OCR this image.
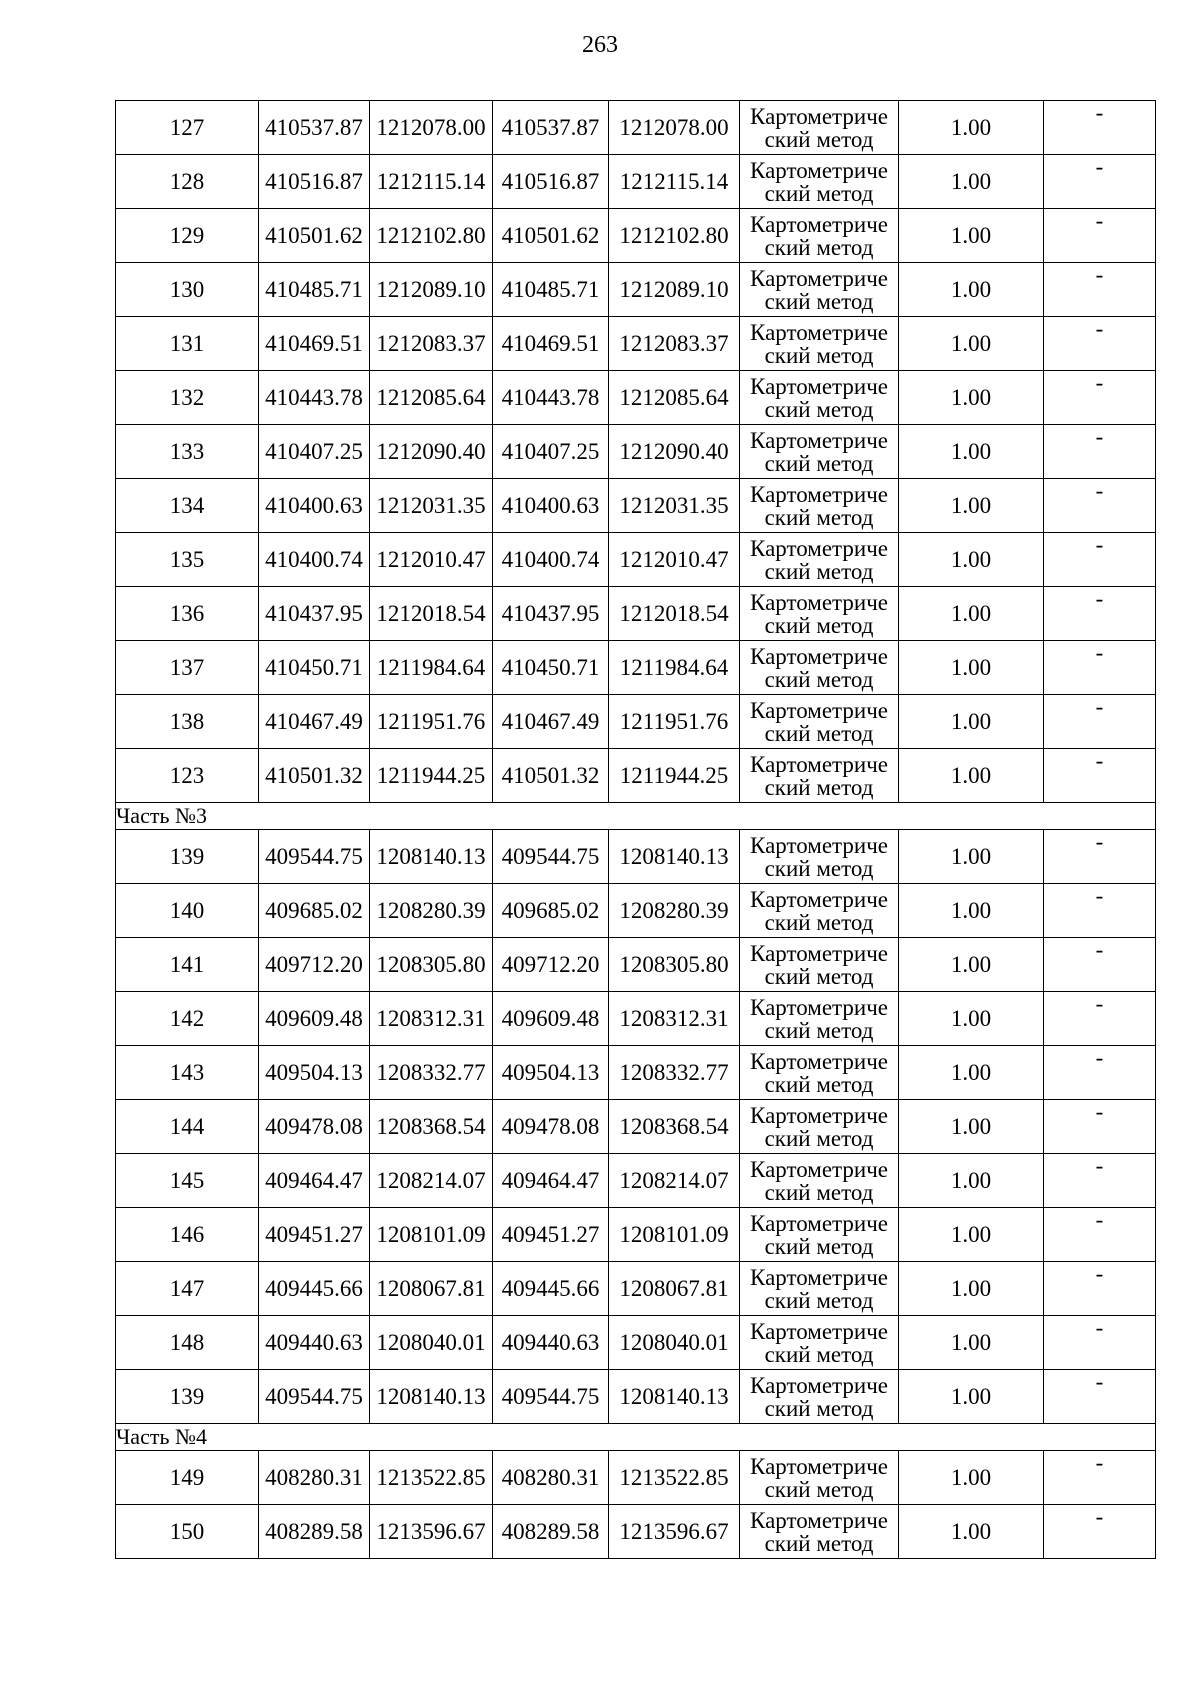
263
127	410537.87	1212078.00	410537.87	1212078.00	Картометриче
ский метод	1.00	-
128	410516.87	1212115.14	410516.87	1212115.14	Картометриче
ский метод	1.00	-
129	410501.62	1212102.80	410501.62	1212102.80	Картометриче
ский метод	1.00	-
130	410485.71	1212089.10	410485.71	1212089.10	Картометриче
ский метод	1.00	-
131	410469.51	1212083.37	410469.51	1212083.37	Картометриче
ский метод	1.00	-
132	410443.78	1212085.64	410443.78	1212085.64	Картометриче
ский метод	1.00	-
133	410407.25	1212090.40	410407.25	1212090.40	Картометриче
ский метод	1.00	-
134	410400.63	1212031.35	410400.63	1212031.35	Картометриче
ский метод	1.00	-
135	410400.74	1212010.47	410400.74	1212010.47	Картометриче
ский метод	1.00	-
136	410437.95	1212018.54	410437.95	1212018.54	Картометриче
ский метод	1.00	-
137	410450.71	1211984.64	410450.71	1211984.64	Картометриче
ский метод	1.00	-
138	410467.49	1211951.76	410467.49	1211951.76	Картометриче
ский метод	1.00	-
123	410501.32	1211944.25	410501.32	1211944.25	Картометриче
ский метод	1.00	-
Часть №3							
139	409544.75	1208140.13	409544.75	1208140.13	Картометриче
ский метод	1.00	-
140	409685.02	1208280.39	409685.02	1208280.39	Картометриче
ский метод	1.00	-
141	409712.20	1208305.80	409712.20	1208305.80	Картометриче
ский метод	1.00	-
142	409609.48	1208312.31	409609.48	1208312.31	Картометриче
ский метод	1.00	-
143	409504.13	1208332.77	409504.13	1208332.77	Картометриче
ский метод	1.00	-
144	409478.08	1208368.54	409478.08	1208368.54	Картометриче
ский метод	1.00	-
145	409464.47	1208214.07	409464.47	1208214.07	Картометриче
ский метод	1.00	-
146	409451.27	1208101.09	409451.27	1208101.09	Картометриче
ский метод	1.00	-
147	409445.66	1208067.81	409445.66	1208067.81	Картометриче
ский метод	1.00	-
148	409440.63	1208040.01	409440.63	1208040.01	Картометриче
ский метод	1.00	-
139	409544.75	1208140.13	409544.75	1208140.13	Картометриче
ский метод	1.00	-
Часть №4							
149	408280.31	1213522.85	408280.31	1213522.85	Картометриче
ский метод	1.00	-
150	408289.58	1213596.67	408289.58	1213596.67	Картометриче
ский метод	1.00	-
